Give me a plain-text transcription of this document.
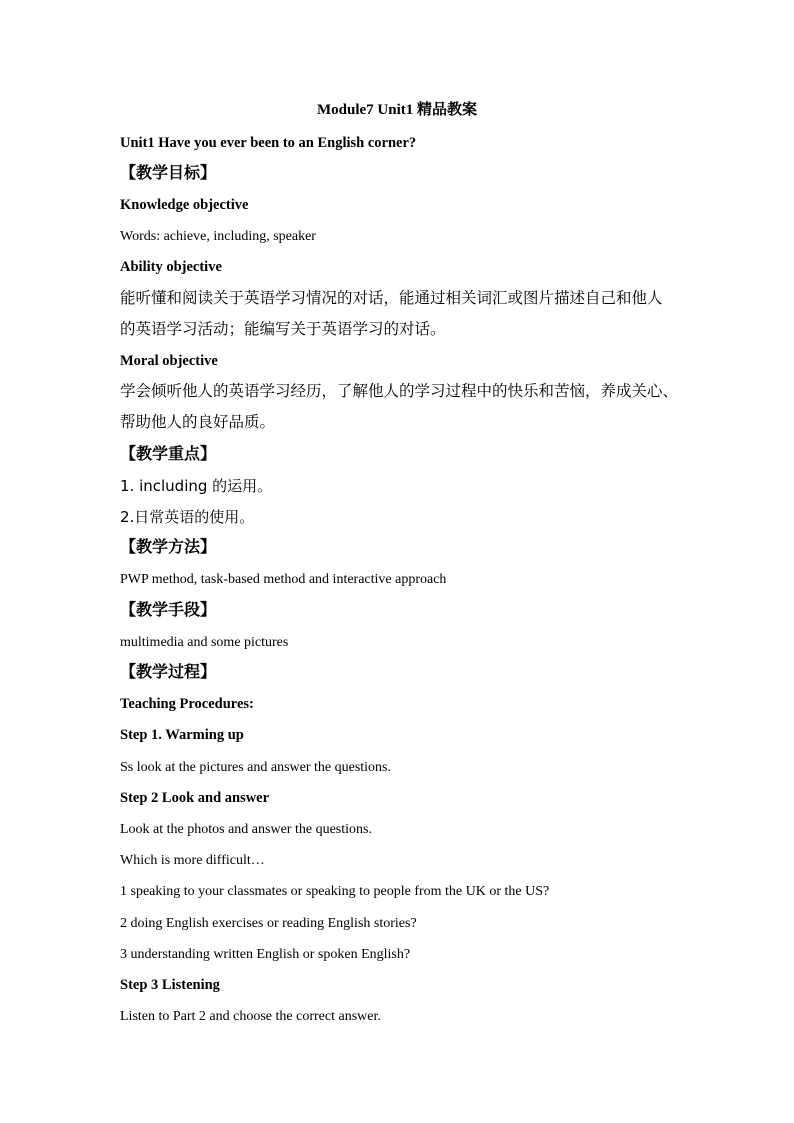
Module7 Unit1 精品教案
Unit1 Have you ever been to an English corner?
【教学目标】
Knowledge objective
Words: achieve, including, speaker
Ability objective
能听懂和阅读关于英语学习情况的对话，能通过相关词汇或图片描述自己和他人
的英语学习活动；能编写关于英语学习的对话。
Moral objective
学会倾听他人的英语学习经历，了解他人的学习过程中的快乐和苦恼，养成关心、
帮助他人的良好品质。
【教学重点】
1. including 的运用。
2.日常英语的使用。
【教学方法】
PWP method, task-based method and interactive approach
【教学手段】
multimedia and some pictures
【教学过程】
Teaching Procedures:
Step 1. Warming up
Ss look at the pictures and answer the questions.
Step 2 Look and answer
Look at the photos and answer the questions.
Which is more difficult…
1 speaking to your classmates or speaking to people from the UK or the US?
2 doing English exercises or reading English stories?
3 understanding written English or spoken English?
Step 3 Listening
Listen to Part 2 and choose the correct answer.
